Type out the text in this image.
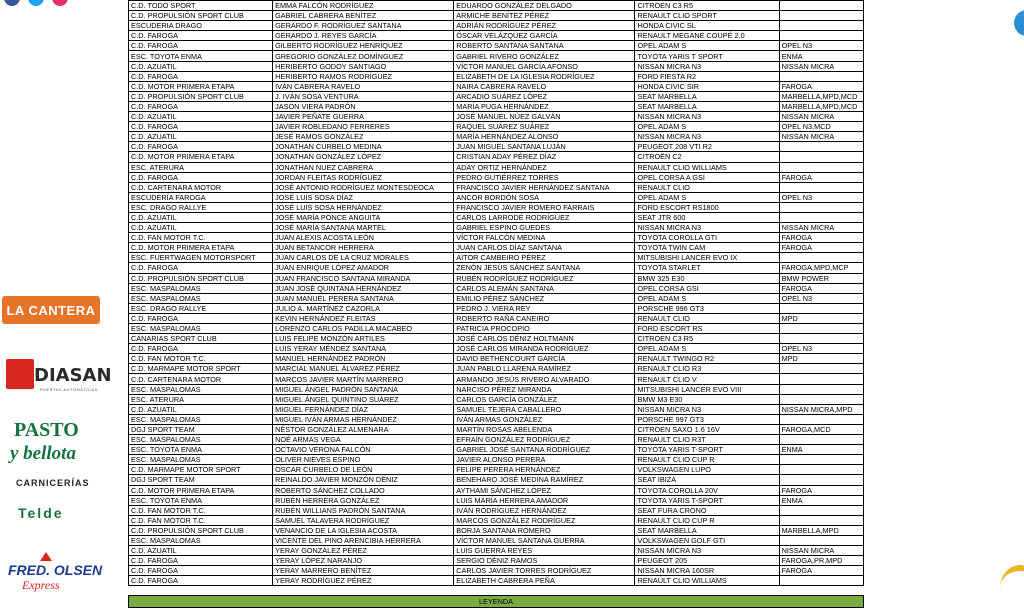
LA CANTERA
DIASAN
PUERTAS AUTOMÁTICAS
PASTO
y bellota
CARNICERÍAS
Telde
FRED. OLSEN
Express
C.D. TODO SPORT	EMMA FALCÓN RODRÍGUEZ	EDUARDO GONZÁLEZ DELGADO	CITROEN C3 R5	
C.D. PROPULSIÓN SPORT CLUB	GABRIEL CABRERA BENÍTEZ	ARMICHE BENÍTEZ PÉREZ	RENAULT CLIO SPORT	
ESCUDERIA DRAGO	GERARDO F. RODRÍGUEZ SANTANA	ADRIÁN RODRÍGUEZ PÉREZ	HONDA CIVIC SL	
C.D. FAROGA	GERARDO J. REYES GARCÍA	ÓSCAR VELÁZQUEZ GARCÍA	RENAULT MEGANE COUPÉ 2.0	
C.D. FAROGA	GILBERTO RODRÍGUEZ HENRÍQUEZ	ROBERTO SANTANA SANTANA	OPEL ADAM S	OPEL N3
ESC. TOYOTA ENMA	GREGORIO GONZÁLEZ DOMÍNGUEZ	GABRIEL RIVERO GONZÁLEZ	TOYOTA YARIS T SPORT	ENMA
C.D. AZUATIL	HERIBERTO GODOY SANTIAGO	VÍCTOR MANUEL GARCÍA AFONSO	NISSAN MICRA N3	NISSAN MICRA
C.D. FAROGA	HERIBERTO RAMOS RODRÍGUEZ	ELIZABETH DE LA IGLESIA RODRÍGUEZ	FORD FIESTA R2	
C.D. MOTOR PRIMERA ETAPA	IVÁN CABRERA RAVELO	NAIRA CABRERA RAVELO	HONDA CIVIC SIR	FAROGA
C.D. PROPULSIÓN SPORT CLUB	J. IVÁN SOSA VENTURA	ARCADIO SUÁREZ LÓPEZ	SEAT MARBELLA	MARBELLA,MPD,MCD
C.D. FAROGA	JASON VIERA PADRÓN	MARÍA PUGA HERNÁNDEZ	SEAT MARBELLA	MARBELLA,MPD,MCD
C.D. AZUATIL	JAVIER PEÑATE GUERRA	JOSÉ MANUEL NÚEZ GALVÁN	NISSAN MICRA N3	NISSAN MICRA
C.D. FAROGA	JAVIER ROBLEDANO FERRERES	RAQUEL SUÁREZ SUÁREZ	OPEL ADAM S	OPEL N3,MCD
C.D. AZUATIL	JESÉ RAMOS GONZÁLEZ	MARÍA HERNÁNDEZ ALONSO	NISSAN MICRA N3	NISSAN MICRA
C.D. FAROGA	JONATHAN CURBELO MEDINA	JUAN MIGUEL SANTANA LUJÁN	PEUGEOT 208 VTI R2	
C.D. MOTOR PRIMERA ETAPA	JONATHAN GONZÁLEZ LÓPEZ	CRISTIAN ADAY PÉREZ DÍAZ	CITROËN C2	
ESC. ATERURA	JONATHAN NUEZ CABRERA	ADAY ORTIZ HERNÁNDEZ	RENAULT CLIO WILLIAMS	
C.D. FAROGA	JORDAN FLEITAS RODRÍGUEZ	PEDRO GUTIÉRREZ TORRES	OPEL CORSA A GSI	FAROGA
C.D. CARTENARA MOTOR	JOSÉ ANTONIO RODRÍGUEZ MONTESDEOCA	FRANCISCO JAVIER HERNÁNDEZ SANTANA	RENAULT CLIO	
ESCUDERÍA FAROGA	JOSÉ LUIS SOSA DÍAZ	ANCOR BORDÓN SOSA	OPEL ADAM S	OPEL N3
ESC. DRAGO RALLYE	JOSÉ LUIS SOSA HERNÁNDEZ	FRANCISCO JAVIER ROMERO FARRAIS	FORD ESCORT RS1800	
C.D. AZUATIL	JOSÉ MARÍA PONCE ANGUITA	CARLOS LARRODÉ RODRÍGUEZ	SEAT JTR 600	
C.D. AZUATIL	JOSÉ MARÍA SANTANA MARTEL	GABRIEL ESPINO GUEDES	NISSAN MICRA N3	NISSAN MICRA
C.D. FAN MOTOR T.C.	JUAN ALEXIS ACOSTA LEÓN	VÍCTOR FALCÓN MEDINA	TOYOTA COROLLA GTI	FAROGA
C.D. MOTOR PRIMERA ETAPA	JUAN BETANCOR HERRERA	JUAN CARLOS DÍAZ SANTANA	TOYOTA TWIN CAM	FAROGA
ESC. FUERTWAGEN MOTORSPORT	JUAN CARLOS DE LA CRUZ MORALES	AITOR CAMBEIRO PÉREZ	MITSUBISHI LANCER EVO IX	
C.D. FAROGA	JUAN ENRIQUE LÓPEZ AMADOR	ZENÓN JESÚS SÁNCHEZ SANTANA	TOYOTA STARLET	FAROGA,MPD,MCP
C.D. PROPULSIÓN SPORT CLUB	JUAN FRANCISCO SANTANA MIRANDA	RUBÉN RODRÍGUEZ RODRÍGUEZ	BMW 325 E30	BMW POWER
ESC. MASPALOMAS	JUAN JOSÉ QUINTANA HERNÁNDEZ	CARLOS ALEMÁN SANTANA	OPEL CORSA GSI	FAROGA
ESC. MASPALOMAS	JUAN MANUEL PERERA SANTANA	EMILIO PÉREZ SÁNCHEZ	OPEL ADAM S	OPEL N3
ESC. DRAGO RALLYE	JULIO A. MARTÍNEZ CAZORLA	PEDRO J. VIERA REY	PORSCHE 996 GT3	
C.D. FAROGA	KEVIN HERNÁNDEZ FLEITAS	ROBERTO RAÑA CANEIRO	RENAULT CLIO	MPD
ESC. MASPALOMAS	LORENZO CARLOS PADILLA MACABEO	PATRICIA PROCOPIO	FORD ESCORT RS	
CANARIAS SPORT CLUB	LUIS FELIPE MONZÓN ARTILES	JOSÉ CARLOS DÉNIZ HOLTMANN	CITROEN C3 R5	
C.D. FAROGA	LUIS YERAY MÉNDEZ SANTANA	JOSÉ CARLOS MIRANDA RODRÍGUEZ	OPEL ADAM S	OPEL N3
C.D. FAN MOTOR T.C.	MANUEL HERNÁNDEZ PADRÓN	DAVID BETHENCOURT GARCÍA	RENAULT TWINGO R2	MPD
C.D. MARMAPE MOTOR SPORT	MARCIAL MANUEL ÁLVAREZ PÉREZ	JUAN PABLO LLARENA RAMÍREZ	RENAULT CLIO R3	
C.D. CARTENARA MOTOR	MARCOS JAVIER MARTÍN MARRERO	ARMANDO JESÚS RIVERO ALVARADO	RENAULT CLIO V	
ESC. MASPALOMAS	MIGUEL ÁNGEL PADRÓN SANTANA	NARCISO PÉREZ MIRANDA	MITSUBISHI LANCER EVO VIII	
ESC. ATERURA	MIGUEL ÁNGEL QUINTINO SUÁREZ	CARLOS GARCÍA GONZÁLEZ	BMW M3 E30	
C.D. AZUATIL	MIGUEL FERNÁNDEZ DÍAZ	SAMUEL TEJERA CABALLERO	NISSAN MICRA N3	NISSAN MICRA,MPD
ESC. MASPALOMAS	MIGUEL IVÁN ARMAS HERNÁNDEZ	IVÁN ARMAS GONZÁLEZ	PORSCHE 997 GT3	
DGJ SPORT TEAM	NÉSTOR GONZÁLEZ ALMENARA	MARTÍN ROSAS ABELENDA	CITROEN SAXO 1.6 16V	FAROGA,MCD
ESC. MASPALOMAS	NOÉ ARMAS VEGA	EFRAÍN GONZÁLEZ RODRÍGUEZ	RENAULT CLIO R3T	
ESC. TOYOTA ENMA	OCTAVIO VERONA FALCÓN	GABRIEL JOSÉ SANTANA RODRÍGUEZ	TOYOTA YARIS T-SPORT	ENMA
ESC. MASPALOMAS	OLIVER NIEVES ESPINO	JAVIER ALONSO PERERA	RENAULT CLIO CUP R	
C.D. MARMAPE MOTOR SPORT	OSCAR CURBELO DE LEÓN	FELIPE PERERA HERNÁNDEZ	VOLKSWAGEN LUPO	
DGJ SPORT TEAM	REINALDO JAVIER MONZÓN DÉNIZ	BENEHARO JOSÉ MEDINA RAMÍREZ	SEAT IBIZA	
C.D. MOTOR PRIMERA ETAPA	ROBERTO SÁNCHEZ COLLADO	AYTHAMI SÁNCHEZ LÓPEZ	TOYOTA COROLLA 20V	FAROGA
ESC. TOYOTA ENMA	RUBÉN HERRERA GONZÁLEZ	LUIS MARÍA HERRERA AMADOR	TOYOTA YARIS T-SPORT	ENMA
C.D. FAN MOTOR T.C.	RUBÉN WILLIANS PADRÓN SANTANA	IVÁN RODRÍGUEZ HERNÁNDEZ	SEAT FURA CRONO	
C.D. FAN MOTOR T.C.	SAMUEL TALAVERA RODRÍGUEZ	MARCOS GONZÁLEZ RODRÍGUEZ	RENAULT CLIO CUP R	
C.D. PROPULSIÓN SPORT CLUB	VENANCIO DE LA IGLESIA ACOSTA	BORJA SANTANA ROMERO	SEAT MARBELLA	MARBELLA,MPD
ESC. MASPALOMAS	VICENTE DEL PINO ARENCIBIA HERRERA	VÍCTOR MANUEL SANTANA GUERRA	VOLKSWAGEN GOLF GTI	
C.D. AZUATIL	YERAY GONZÁLEZ PÉREZ	LUIS GUERRA REYES	NISSAN MICRA N3	NISSAN MICRA
C.D. FAROGA	YERAY LÓPEZ NARANJO	SERGIO DÉNIZ RAMOS	PEUGEOT 205	FAROGA,PR,MPD
C.D. FAROGA	YERAY MARRERO BENÍTEZ	CARLOS JAVIER TORRES RODRÍGUEZ	NISSAN MICRA 160SR	FAROGA
C.D. FAROGA	YERAY RODRÍGUEZ PÉREZ	ELIZABETH CABRERA PEÑA	RENAULT CLIO WILLIAMS	
LEYENDA
